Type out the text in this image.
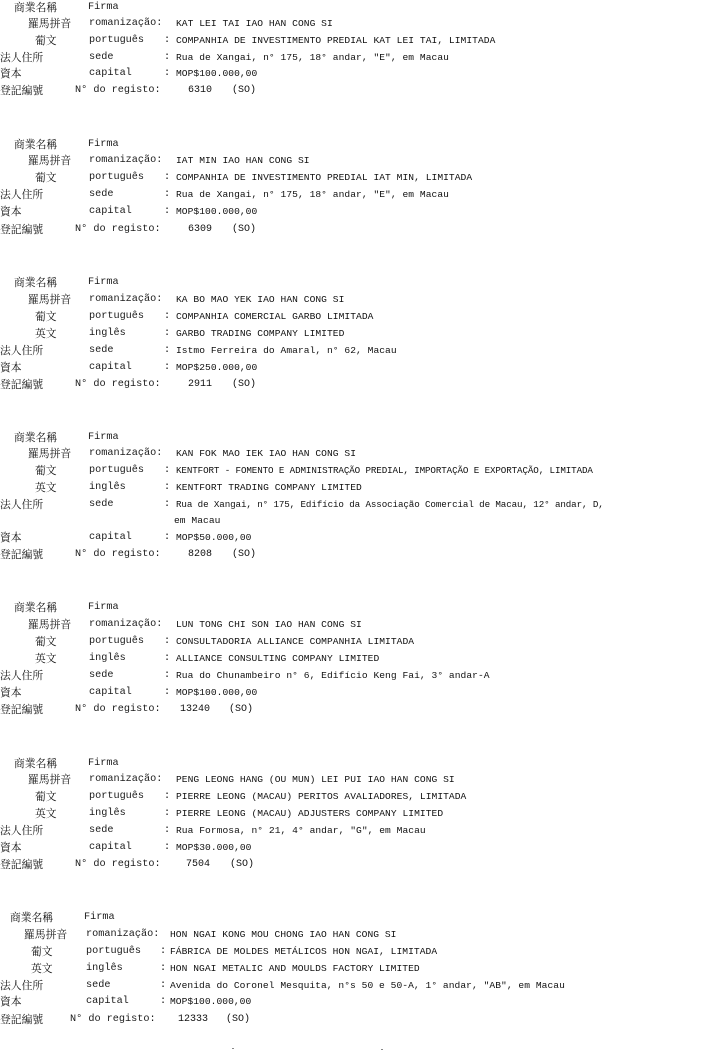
商業名稱	Firma
羅馬拼音 romanização: KAT LEI TAI IAO HAN CONG SI
葡文	português : COMPANHIA DE INVESTIMENTO PREDIAL KAT LEI TAI, LIMITADA
法人住所	sede	: Rua de Xangai, n° 175, 18° andar, "E", em Macau
資本	capital	: MOP$100.000,00
登記編號	N° do registo:	6310 (SO)
商業名稱	Firma
羅馬拼音 romanização: IAT MIN IAO HAN CONG SI
葡文	português : COMPANHIA DE INVESTIMENTO PREDIAL IAT MIN, LIMITADA
法人住所	sede	: Rua de Xangai, n° 175, 18° andar, "E", em Macau
資本	capital	: MOP$100.000,00
登記編號	N° do registo:	6309 (SO)
商業名稱	Firma
羅馬拼音 romanização: KA BO MAO YEK IAO HAN CONG SI
葡文	português : COMPANHIA COMERCIAL GARBO LIMITADA
英文	inglês	: GARBO TRADING COMPANY LIMITED
法人住所	sede	: Istmo Ferreira do Amaral, n° 62, Macau
資本	capital	: MOP$250.000,00
登記編號	N° do registo:	2911 (SO)
商業名稱	Firma
羅馬拼音 romanização: KAN FOK MAO IEK IAO HAN CONG SI
葡文	português : KENTFORT - FOMENTO E ADMINISTRAÇÃO PREDIAL, IMPORTAÇÃO E EXPORTAÇÃO, LIMITADA
英文	inglês	: KENTFORT TRADING COMPANY LIMITED
法人住所	sede	: Rua de Xangai, n° 175, Edifício da Associação Comercial de Macau, 12° andar, D,
em Macau
資本	capital	: MOP$50.000,00
登記編號	N° do registo:	8208 (SO)
商業名稱	Firma
羅馬拼音 romanização: LUN TONG CHI SON IAO HAN CONG SI
葡文	português : CONSULTADORIA ALLIANCE COMPANHIA LIMITADA
英文	inglês	: ALLIANCE CONSULTING COMPANY LIMITED
法人住所	sede	: Rua do Chunambeiro n° 6, Edifício Keng Fai, 3° andar-A
資本	capital	: MOP$100.000,00
登記編號	N° do registo: 13240 (SO)
商業名稱	Firma
羅馬拼音 romanização: PENG LEONG HANG (OU MUN) LEI PUI IAO HAN CONG SI
葡文	português : PIERRE LEONG (MACAU) PERITOS AVALIADORES, LIMITADA
英文	inglês	: PIERRE LEONG (MACAU) ADJUSTERS COMPANY LIMITED
法人住所	sede	: Rua Formosa, n° 21, 4° andar, "G", em Macau
資本	capital	: MOP$30.000,00
登記編號	N° do registo:	7504 (SO)
商業名稱	Firma
羅馬拼音 romanização: HON NGAI KONG MOU CHONG IAO HAN CONG SI
葡文	português : FÁBRICA DE MOLDES METÁLICOS HON NGAI, LIMITADA
英文	inglês	: HON NGAI METALIC AND MOULDS FACTORY LIMITED
法人住所	sede	: Avenida do Coronel Mesquita, n°s 50 e 50-A, 1° andar, "AB", em Macau
資本	capital	: MOP$100.000,00
登記編號	N° do registo: 12333 (SO)
